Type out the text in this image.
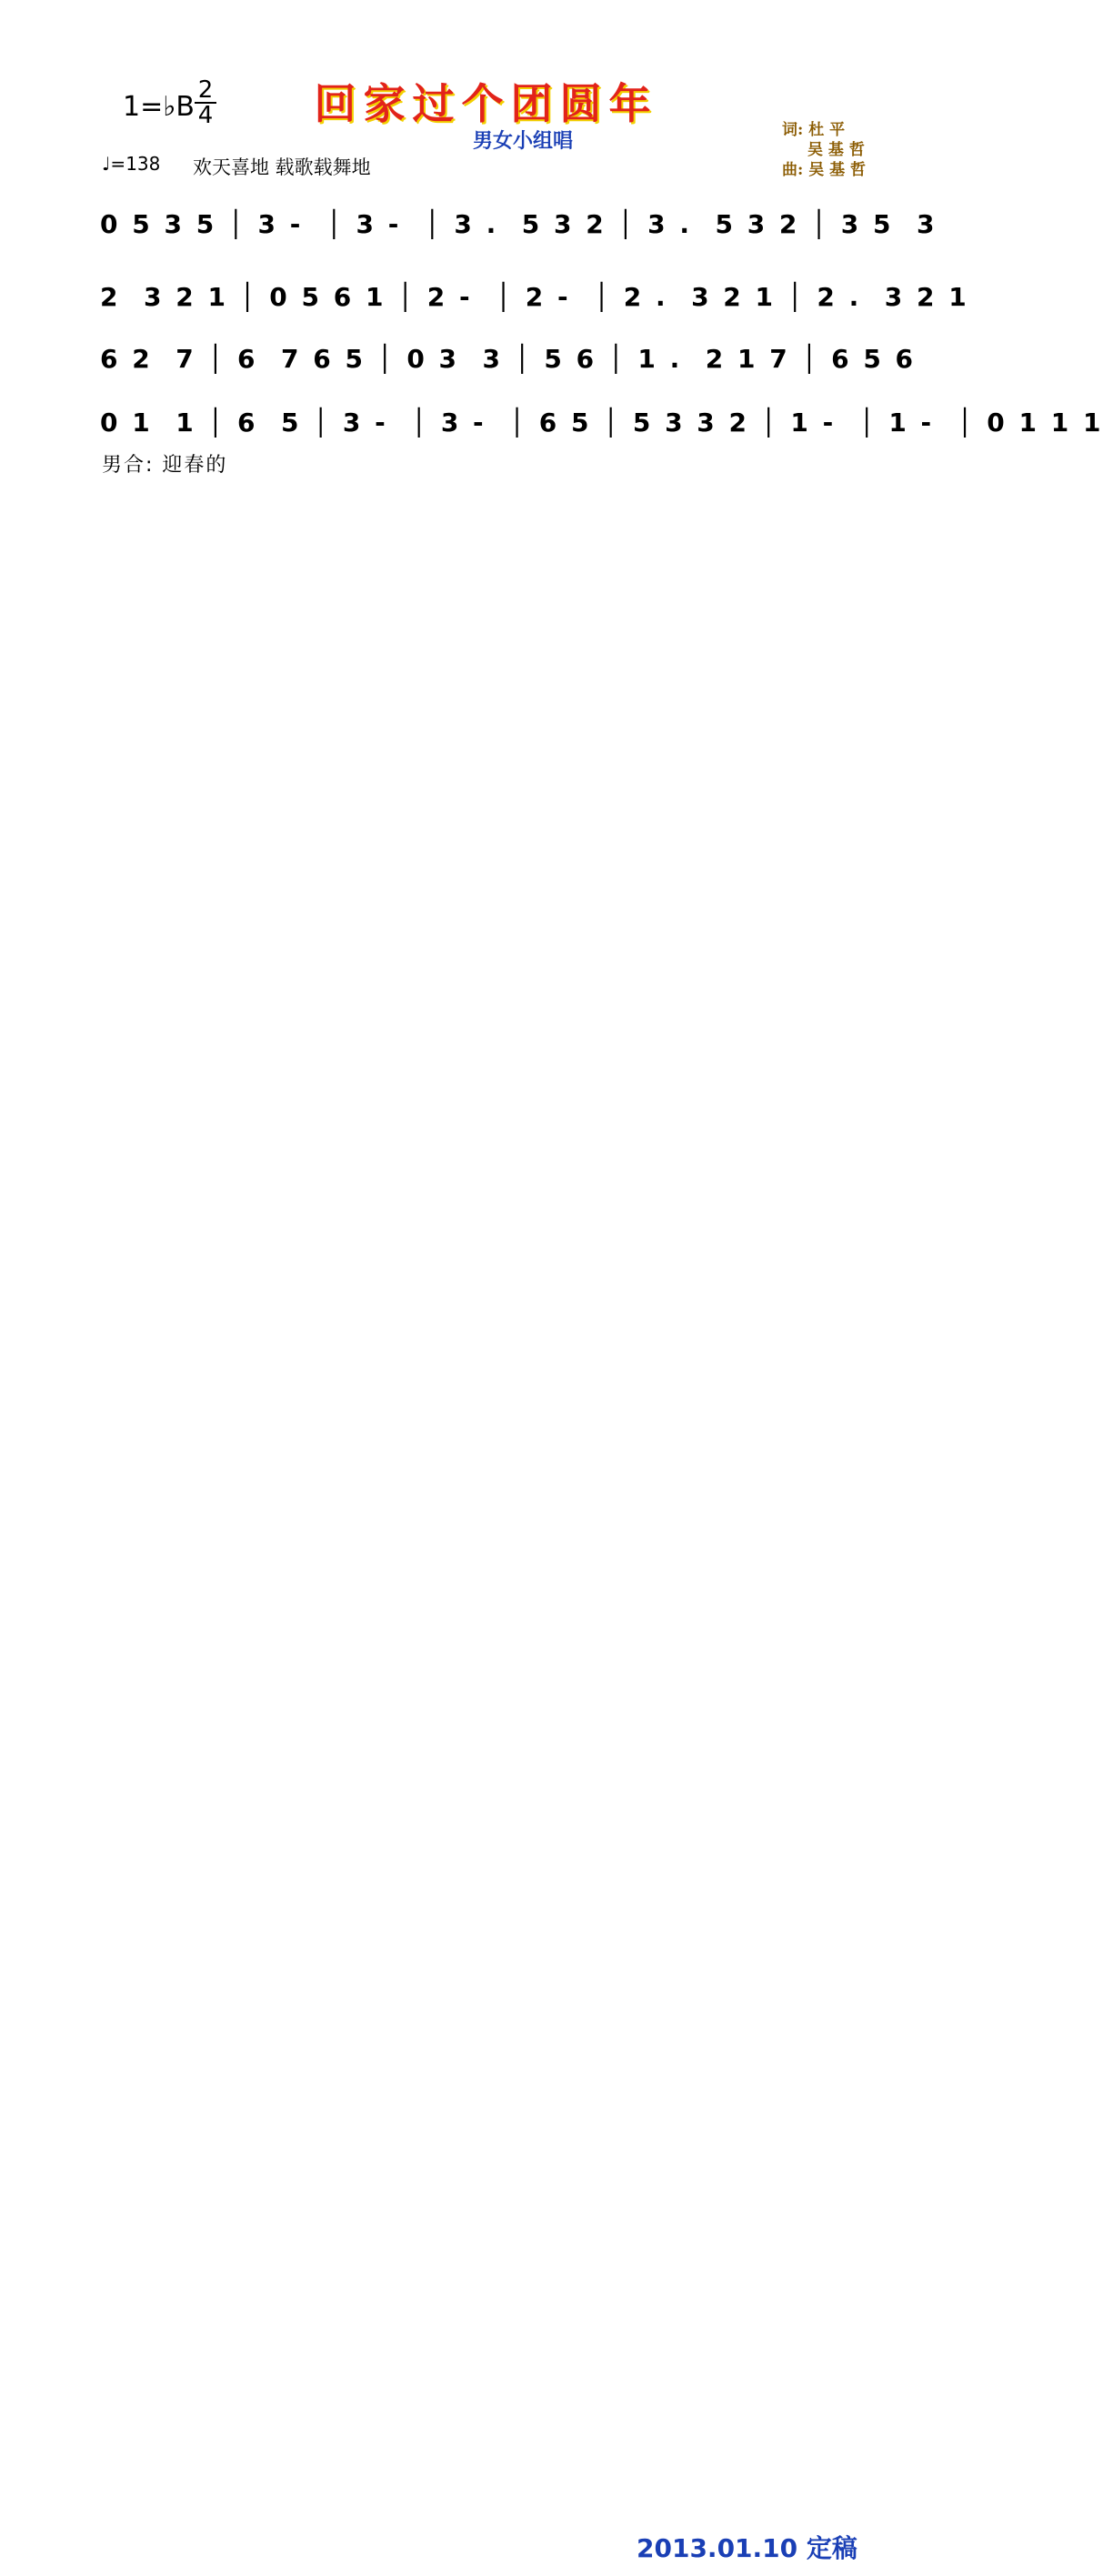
回家过个团圆年
1=♭B
2
4
♩=138 欢天喜地 载歌载舞地
男女小组唱	词: 杜 平
吴 基 哲
曲: 吴 基 哲
0 5 3 5 │ 3 -  │ 3 -  │ 3 .  5 3 2 │ 3 .  5 3 2 │ 3 5  3
2  3 2 1 │ 0 5 6 1 │ 2 -  │ 2 -  │ 2 .  3 2 1 │ 2 .  3 2 1
6 2  7 │ 6  7 6 5 │ 0 3  3 │ 5 6 │ 1 .  2 1 7 │ 6 5 6
0 1  1 │ 6  5 │ 3 -  │ 3 -  │ 6 5 │ 5 3 3 2 │ 1 -  │ 1 -  │ 0 1 1 1
男合: 迎春的
2013.01.10 定稿
